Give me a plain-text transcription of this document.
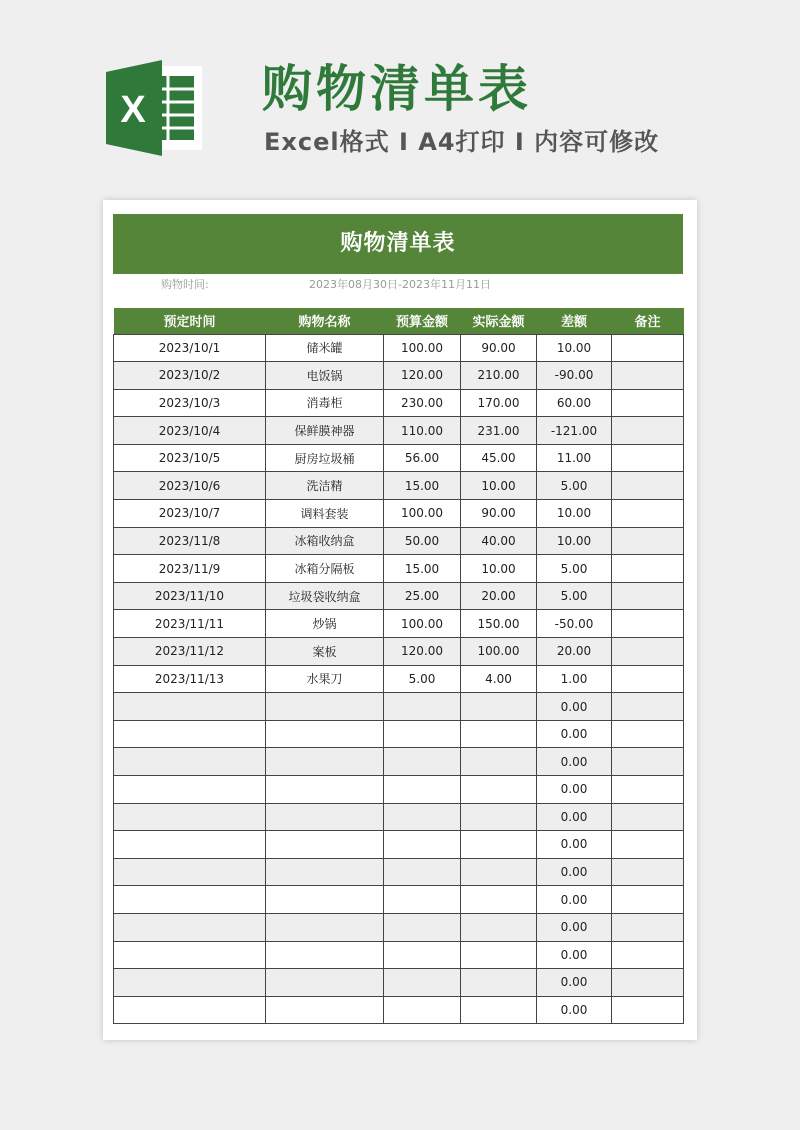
X 购物清单表
Excel格式 I A4打印 I 内容可修改
购物清单表
购物时间:	2023年08月30日-2023年11月11日
预定时间	购物名称	预算金额	实际金额	差额	备注
2023/10/1	储米罐	100.00	90.00	10.00	
2023/10/2	电饭锅	120.00	210.00	-90.00	
2023/10/3	消毒柜	230.00	170.00	60.00	
2023/10/4	保鲜膜神器	110.00	231.00	-121.00	
2023/10/5	厨房垃圾桶	56.00	45.00	11.00	
2023/10/6	洗洁精	15.00	10.00	5.00	
2023/10/7	调料套装	100.00	90.00	10.00	
2023/11/8	冰箱收纳盒	50.00	40.00	10.00	
2023/11/9	冰箱分隔板	15.00	10.00	5.00	
2023/11/10	垃圾袋收纳盒	25.00	20.00	5.00	
2023/11/11	炒锅	100.00	150.00	-50.00	
2023/11/12	案板	120.00	100.00	20.00	
2023/11/13	水果刀	5.00	4.00	1.00	
				0.00	
				0.00	
				0.00	
				0.00	
				0.00	
				0.00	
				0.00	
				0.00	
				0.00	
				0.00	
				0.00	
				0.00	
